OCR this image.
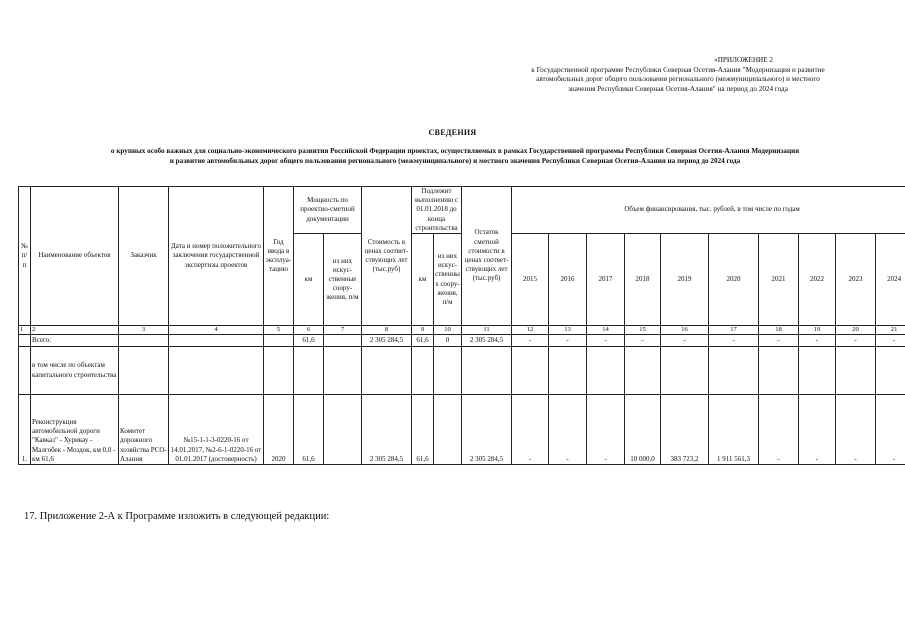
«ПРИЛОЖЕНИЕ 2
к Государственной программе Республики Северная Осетия-Алания "Модернизация и развитие
автомобильных дорог общего пользования регионального (межмуниципального) и местного
значения Республики Северная Осетия-Алания" на период до 2024 года
СВЕДЕНИЯ
о крупных особо важных для социально-экономического развития Российской Федерации проектах, осуществляемых в рамках Государственной программы Республики Северная Осетия-Алания Модернизация
и развитие автомобильных дорог общего пользования регионального (межмуниципального) и местного значения Республики Северная Осетия-Алания на период до 2024 года
№ п/ п	Наименование объектов	Заказчик	Дата и номер положительного заключения государственной экспертизы проектов	Год ввода в эксплуа-тацию	Мощность по проектно-сметной документации		Стоимость в ценах соответ-ствующих лет (тыс.руб)	Подлежит выполнению с 01.01.2018 до конца строительства		Остаток сметной стоимости в ценах соответ-ствующих лет (тыс.руб)	Объем финансирования, тыс. рублей, в том числе по годам									
					км	из них искус-ственные соору-жения, п/м		км	из них искус-ственных соору-жения, п/м		2015	2016	2017	2018	2019	2020	2021	2022	2023	2024
1	2	3	4	5	6	7	8	9	10	11	12	13	14	15	16	17	18	19	20	21
	Всего:				61,6		2 305 284,5	61,6	0	2 305 284,5	-	-	-	-	-	-	-	-	-	-
	в том числе по объектам капитального строительства																			
1.	Реконструкция автомобильной дороги "Кавказ" - Хурикау - Малгобек - Моздок, км 0,0 - км 61,6	Комитет дорожного хозяйства РСО-Алания	№15-1-1-3-0220-16 от 14.01.2017, №2-6-1-0220-16 от 01.01.2017 (достоверность)	2020	61,6		2 305 284,5	61,6		2 305 284,5	-	-	-	10 000,0	383 723,2	1 911 561,3	-	-	-	-
17. Приложение 2-А к Программе изложить в следующей редакции:
